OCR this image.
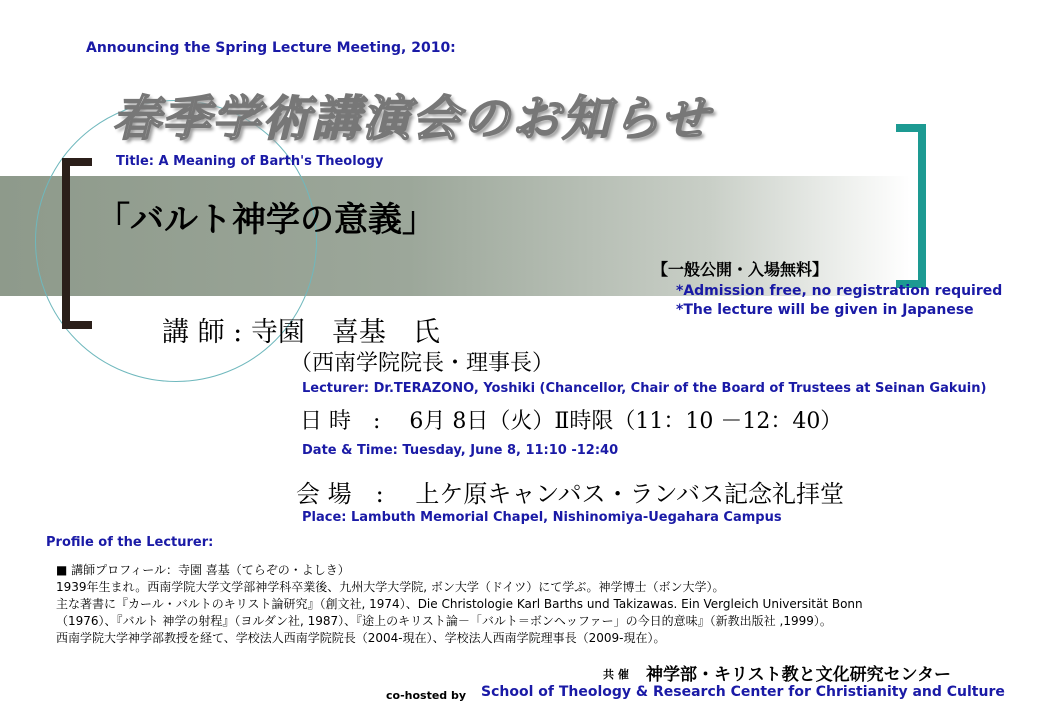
Announcing the Spring Lecture Meeting, 2010:
春季学術講演会のお知らせ
Title: A Meaning of Barth's Theology
「バルト神学の意義」
【一般公開・入場無料】
*Admission free, no registration required
*The lecture will be given in Japanese
講 師 : 寺園　喜基　氏
（西南学院院長・理事長）
Lecturer: Dr.TERAZONO, Yoshiki (Chancellor, Chair of the Board of Trustees at Seinan Gakuin)
日 時　:　 6月 8日（火）Ⅱ時限（11：10 －12：40）
Date & Time: Tuesday, June 8, 11:10 -12:40
会 場　:　 上ケ原キャンパス・ランバス記念礼拝堂
Place: Lambuth Memorial Chapel, Nishinomiya-Uegahara Campus
Profile of the Lecturer:
■ 講師プロフィール：寺園 喜基（てらぞの・よしき）
1939年生まれ。西南学院大学文学部神学科卒業後、九州大学大学院, ボン大学（ドイツ）にて学ぶ。神学博士（ボン大学）。
主な著書に『カール・バルトのキリスト論研究』（創文社, 1974）、Die Christologie Karl Barths und Takizawas. Ein Vergleich Universität Bonn
（1976）、『バルト 神学の射程』（ヨルダン社, 1987）、『途上のキリスト論－「バルト＝ボンヘッファー」の今日的意味』（新教出版社 ,1999）。
西南学院大学神学部教授を経て、学校法人西南学院院長（2004-現在）、学校法人西南学院理事長（2009-現在）。
共 催 神学部・キリスト教と文化研究センター
co-hosted by School of Theology & Research Center for Christianity and Culture
